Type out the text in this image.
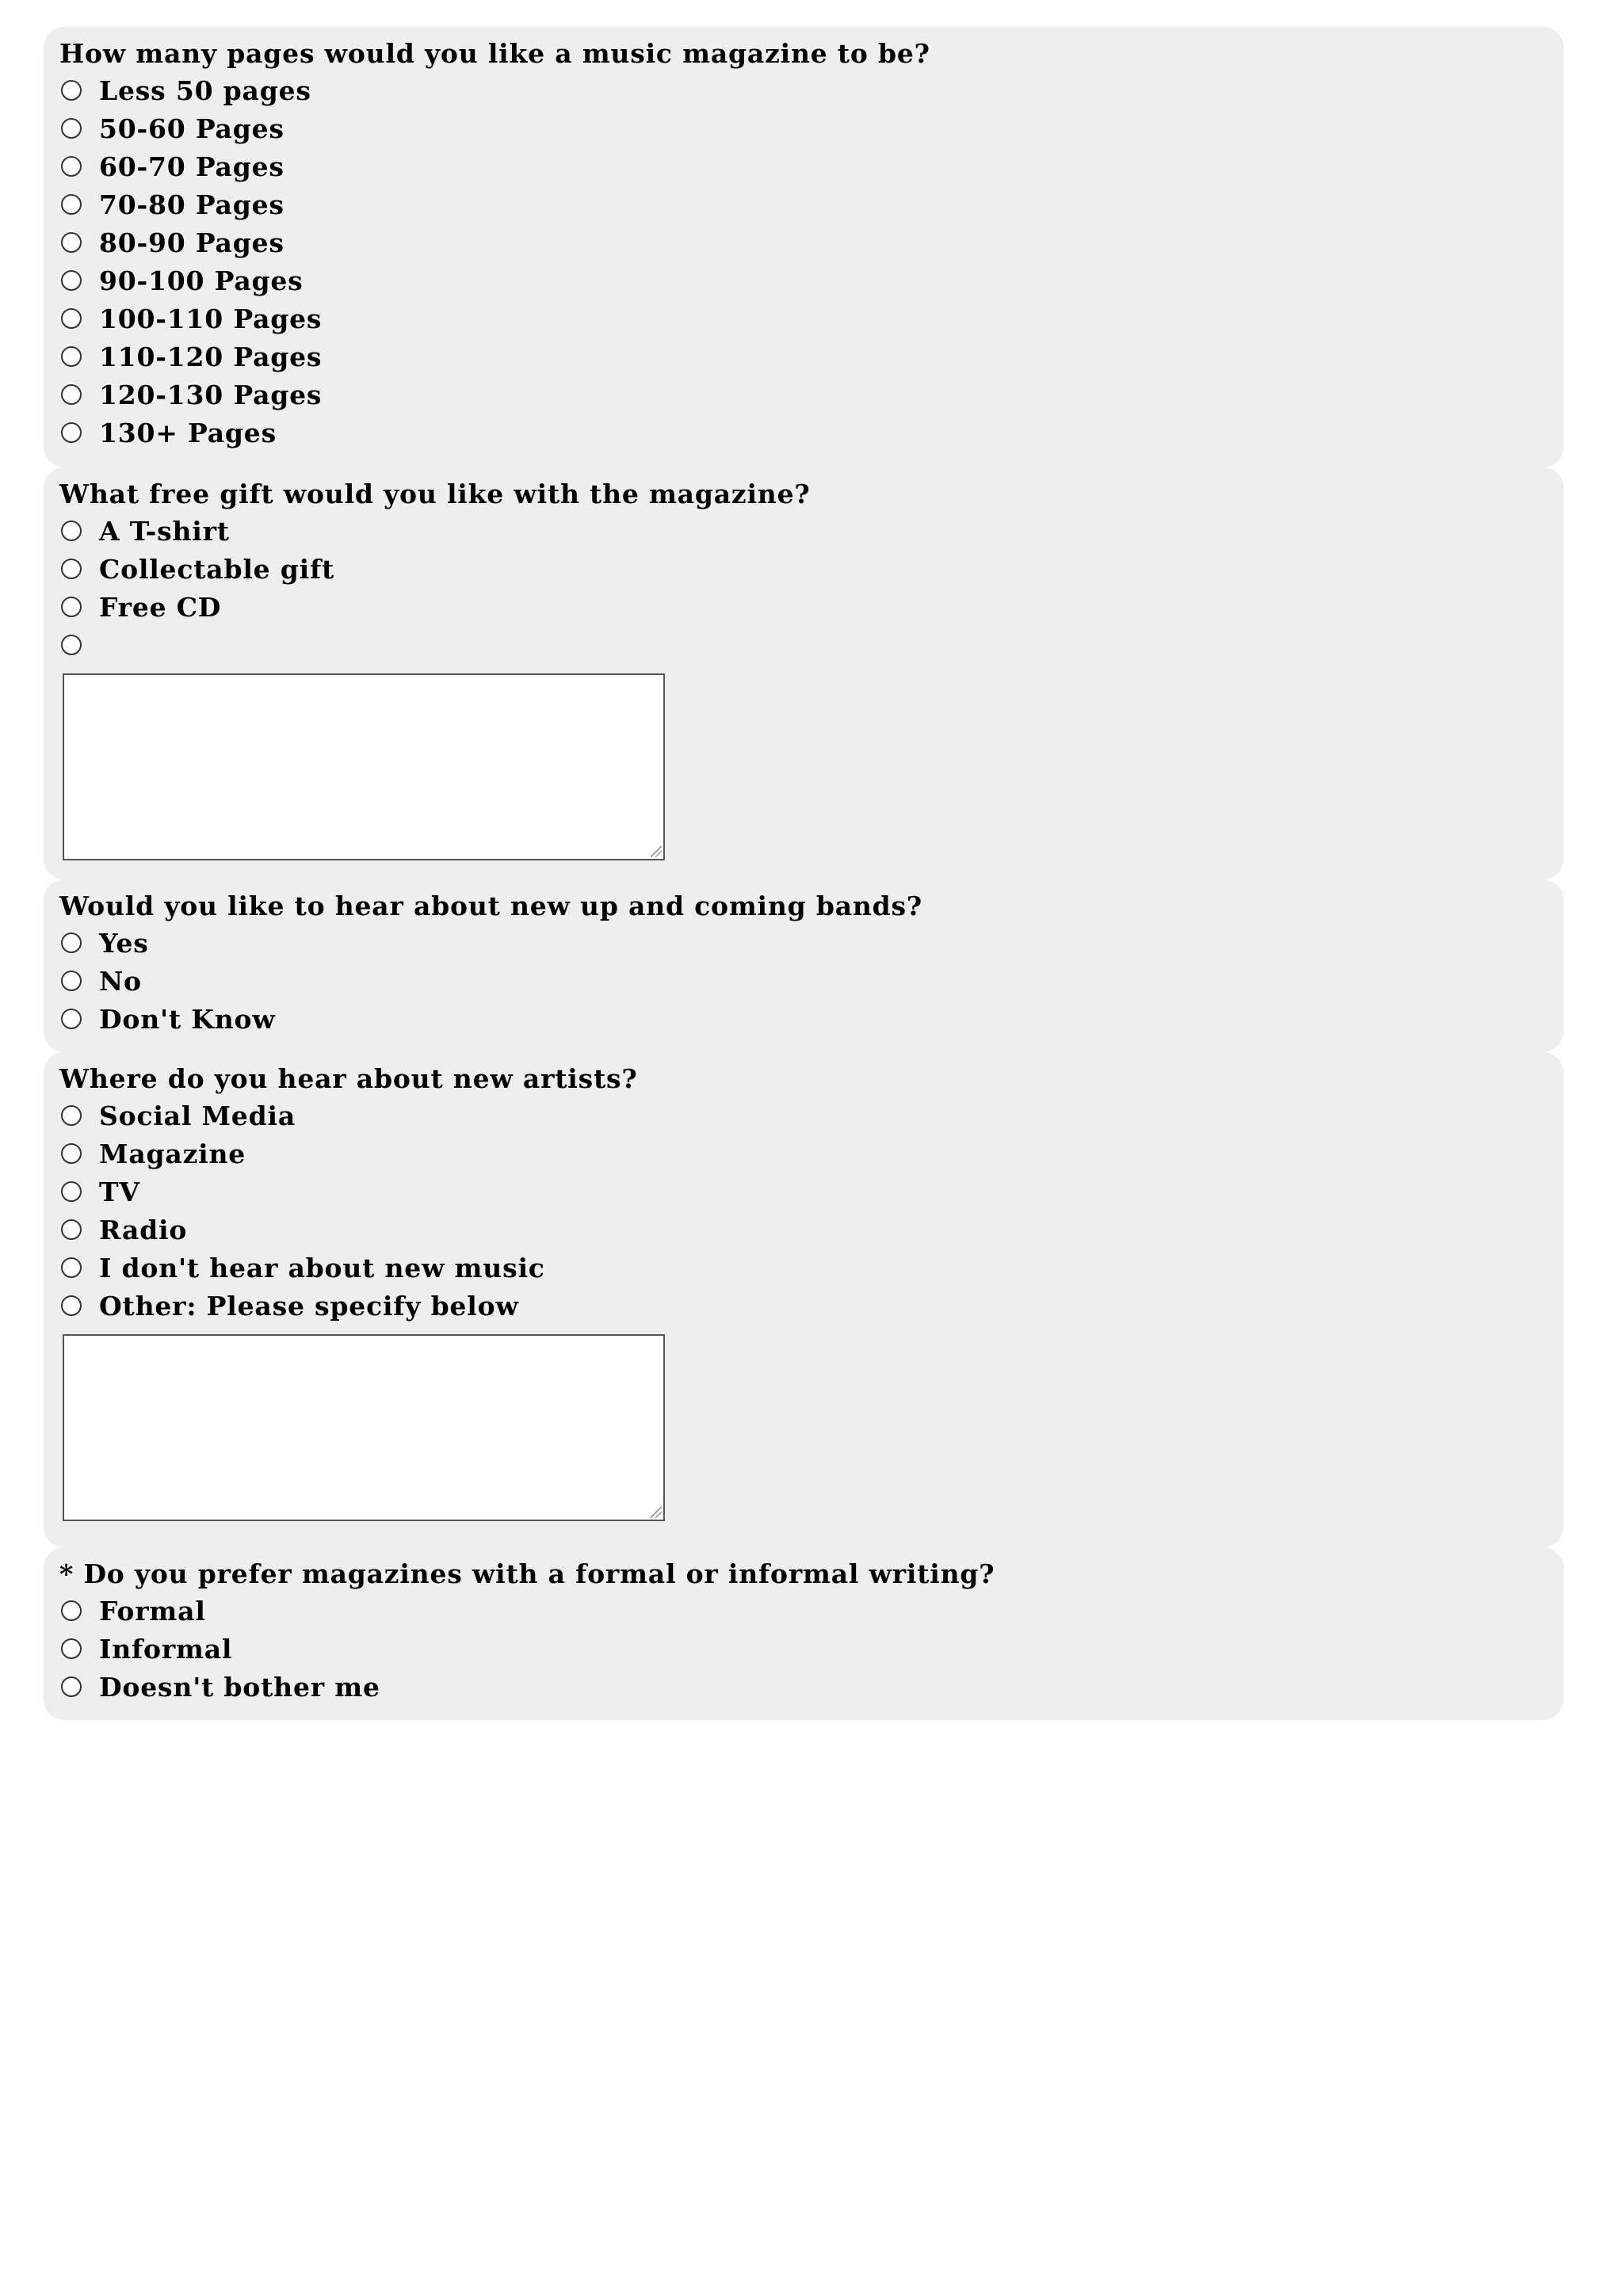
How many pages would you like a music magazine to be?
Less 50 pages
50-60 Pages
60-70 Pages
70-80 Pages
80-90 Pages
90-100 Pages
100-110 Pages
110-120 Pages
120-130 Pages
130+ Pages
What free gift would you like with the magazine?
A T-shirt
Collectable gift
Free CD
Would you like to hear about new up and coming bands?
Yes
No
Don't Know
Where do you hear about new artists?
Social Media
Magazine
TV
Radio
I don't hear about new music
Other: Please specify below
* Do you prefer magazines with a formal or informal writing?
Formal
Informal
Doesn't bother me
